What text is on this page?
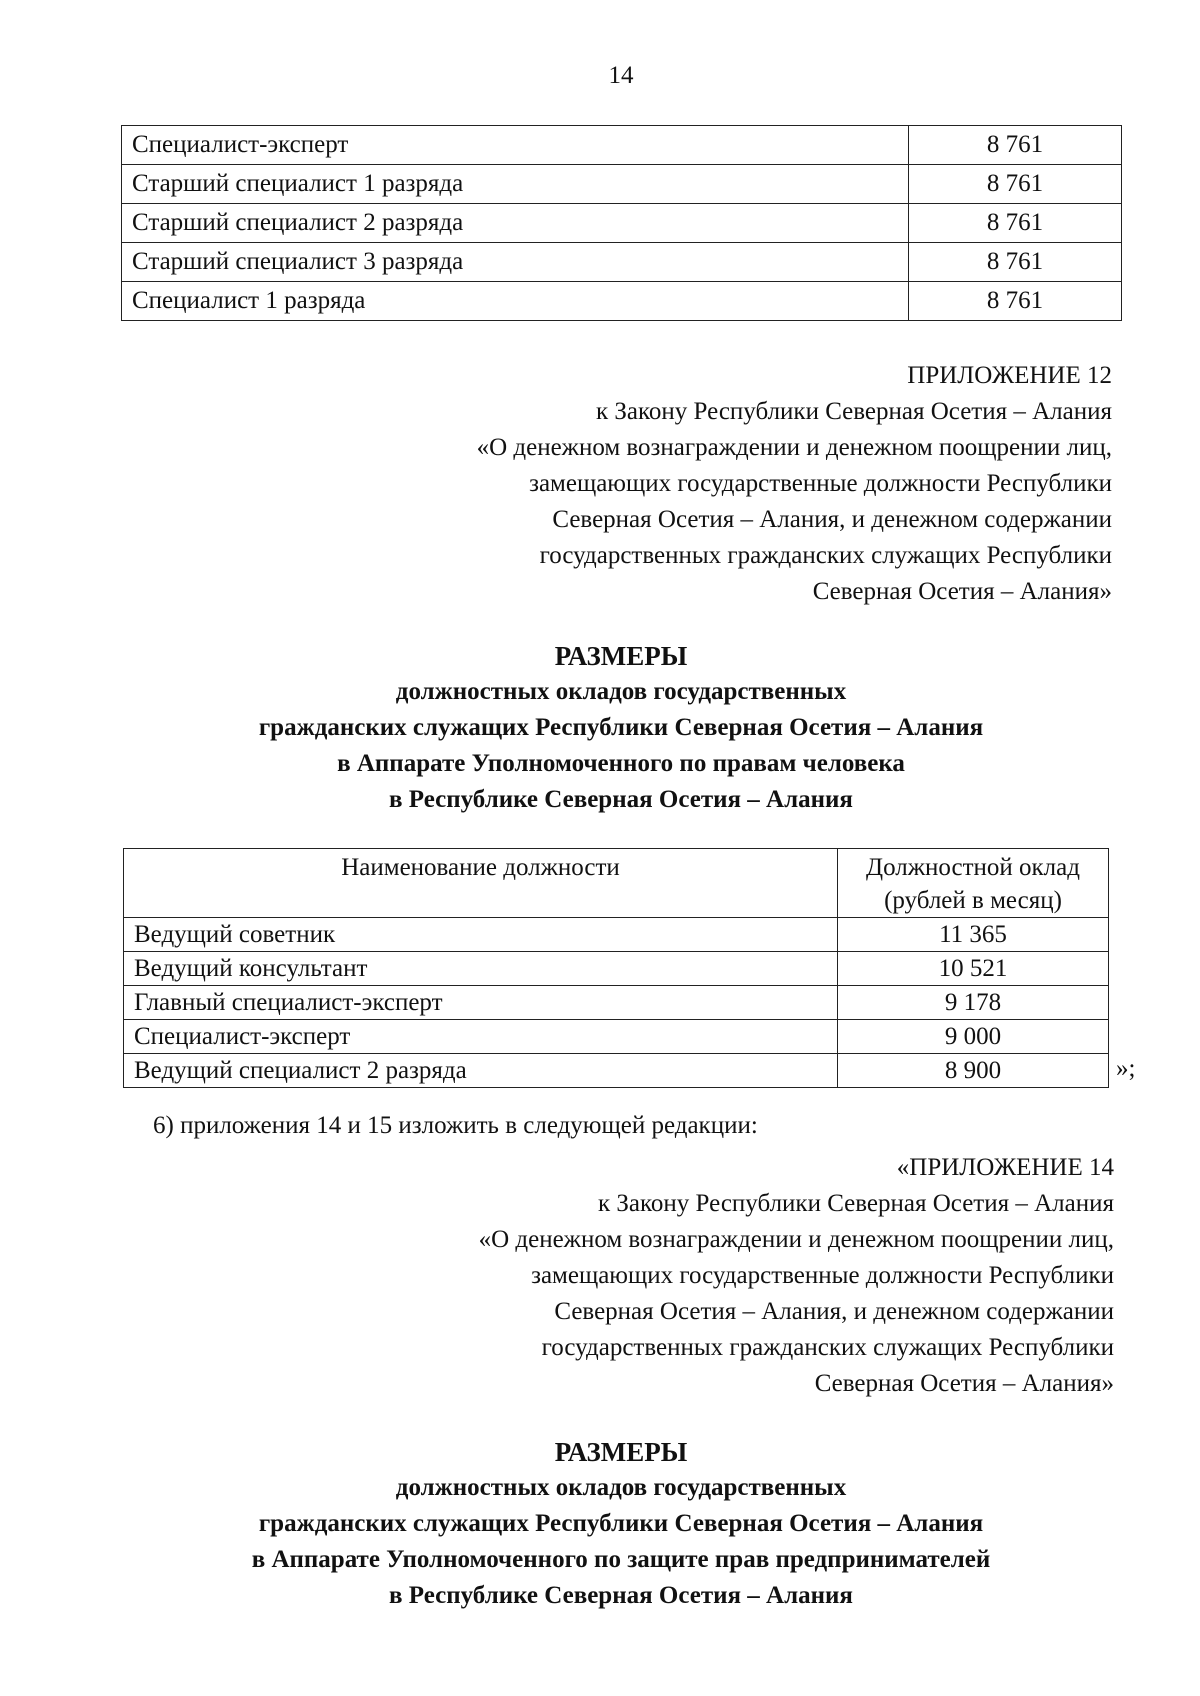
14
Специалист-эксперт	8 761
Старший специалист 1 разряда	8 761
Старший специалист 2 разряда	8 761
Старший специалист 3 разряда	8 761
Специалист 1 разряда	8 761
ПРИЛОЖЕНИЕ 12
к Закону Республики Северная Осетия – Алания
«О денежном вознаграждении и денежном поощрении лиц,
замещающих государственные должности Республики
Северная Осетия – Алания, и денежном содержании
государственных гражданских служащих Республики
Северная Осетия – Алания»
РАЗМЕРЫ
должностных окладов государственных
гражданских служащих Республики Северная Осетия – Алания
в Аппарате Уполномоченного по правам человека
в Республике Северная Осетия – Алания
Наименование должности	Должностной оклад
(рублей в месяц)

Ведущий советник	11 365
Ведущий консультант	10 521
Главный специалист-эксперт	9 178
Специалист-эксперт	9 000
Ведущий специалист 2 разряда	8 900	»;
6) приложения 14 и 15 изложить в следующей редакции:
«ПРИЛОЖЕНИЕ 14
к Закону Республики Северная Осетия – Алания
«О денежном вознаграждении и денежном поощрении лиц,
замещающих государственные должности Республики
Северная Осетия – Алания, и денежном содержании
государственных гражданских служащих Республики
Северная Осетия – Алания»
РАЗМЕРЫ
должностных окладов государственных
гражданских служащих Республики Северная Осетия – Алания
в Аппарате Уполномоченного по защите прав предпринимателей
в Республике Северная Осетия – Алания
